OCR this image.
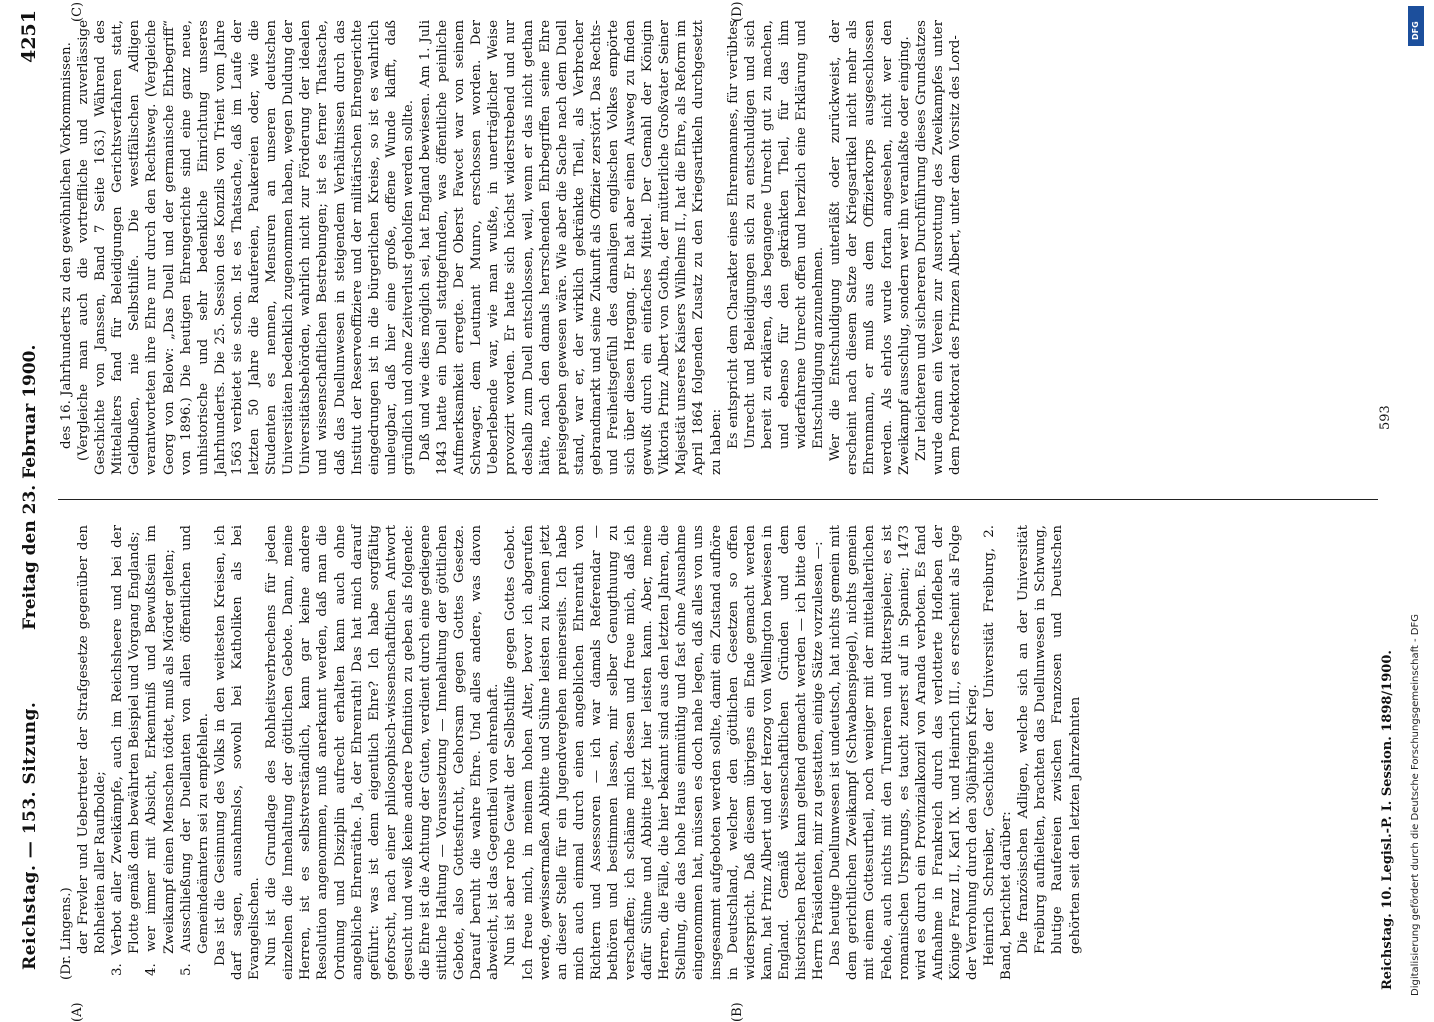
Reichstag. — 153. Sitzung.
Freitag den 23. Februar 1900.
4251

(Dr. Lingens.) der Frevler und Uebertreter der Strafgesetze gegenüber den Rohheiten aller Raufbolde; 3. Verbot aller Zweikämpfe, auch im Reichsheere und bei der Flotte gemäß dem bewährten Beispiel und Vorgang Englands; 4. wer immer mit Absicht, Erkenntniß und Bewußtsein im Zweikampf einen Menschen tödtet, muß als Mörder gelten; 5. Ausschließung der Duellanten von allen öffentlichen und Gemeindeämtern sei zu empfehlen. Das ist die Gesinnung des Volks in den weitesten Kreisen, ich darf sagen, ausnahmslos, sowohl bei Katholiken als bei Evangelischen. Nun ist die Grundlage des Rohheitsverbrechens für jeden einzelnen die Innehaltung der göttlichen Gebote. Dann, meine Herren, ist es selbstverständlich, kann gar keine andere Resolution angenommen, muß anerkannt werden, daß man die Ordnung und Disziplin aufrecht erhalten kann auch ohne angebliche Ehrenräthe. Ja, der Ehrenrath! Das hat mich darauf geführt: was ist denn eigentlich Ehre? Ich habe sorgfältig geforscht, nach einer philosophisch-wissenschaftlichen Antwort gesucht und weiß keine andere Definition zu geben als folgende: die Ehre ist die Achtung der Guten, verdient durch eine gediegene sittliche Haltung — Voraussetzung — Innehaltung der göttlichen Gebote, also Gottesfurcht, Gehorsam gegen Gottes Gesetze. Darauf beruht die wahre Ehre. Und alles andere, was davon abweicht, ist das Gegentheil von ehrenhaft. Nun ist aber rohe Gewalt der Selbsthilfe gegen Gottes Gebot. Ich freue mich, in meinem hohen Alter, bevor ich abgerufen werde, gewissermaßen Abbitte und Sühne leisten zu können jetzt an dieser Stelle für ein Jugendvergehen meinerseits. Ich habe mich auch einmal durch einen angeblichen Ehrenrath von Richtern und Assessoren — ich war damals Referendar — bethören und bestimmen lassen, mir selber Genugthuung zu verschaffen; ich schäme mich dessen und freue mich, daß ich dafür Sühne und Abbitte jetzt hier leisten kann. Aber, meine Herren, die Fälle, die hier bekannt sind aus den letzten Jahren, die Stellung, die das hohe Haus einmüthig und fast ohne Ausnahme eingenommen hat, müssen es doch nahe legen, daß alles von uns insgesammt aufgeboten werden sollte, damit ein Zustand aufhöre in Deutschland, welcher den göttlichen Gesetzen so offen widerspricht. Daß diesem übrigens ein Ende gemacht werden kann, hat Prinz Albert und der Herzog von Wellington bewiesen in England. Gemäß wissenschaftlichen Gründen und dem historischen Recht kann geltend gemacht werden — ich bitte den Herrn Präsidenten, mir zu gestatten, einige Sätze vorzulesen —: Das heutige Duellunwesen ist undeutsch, hat nichts gemein mit dem gerichtlichen Zweikampf (Schwabenspiegel), nichts gemein mit einem Gottesurtheil, noch weniger mit der mittelalterlichen Fehde, auch nichts mit den Turnieren und Ritterspielen; es ist romanischen Ursprungs, es taucht zuerst auf in Spanien; 1473 wird es durch ein Provinzialkonzil von Aranda verboten. Es fand Aufnahme in Frankreich durch das verlotterte Hofleben der Könige Franz II., Karl IX. und Heinrich III., es erscheint als Folge der Verrohung durch den 30jährigen Krieg. Heinrich Schreiber, Geschichte der Universität Freiburg, 2. Band, berichtet darüber: Die französischen Adligen, welche sich an der Universität Freiburg aufhielten, brachten das Duellunwesen in Schwung, blutige Raufereien zwischen Franzosen und Deutschen gehörten seit den letzten Jahrzehnten

des 16. Jahrhunderts zu den gewöhnlichen Vorkommnissen. (Vergleiche man auch die vortreffliche und zuverlässige Geschichte von Janssen, Band 7 Seite 163.) Während des Mittelalters fand für Beleidigungen Gerichtsverfahren statt, Geldbußen, nie Selbsthilfe. Die westfälischen Adligen verantworteten ihre Ehre nur durch den Rechtsweg. (Vergleiche Georg von Below: „Das Duell und der germanische Ehrbegriff“ von 1896.) Die heutigen Ehrengerichte sind eine ganz neue, unhistorische und sehr bedenkliche Einrichtung unseres Jahrhunderts. Die 25. Session des Konzils von Trient vom Jahre 1563 verbietet sie schon. Ist es Thatsache, daß im Laufe der letzten 50 Jahre die Raufereien, Paukereien oder, wie die Studenten es nennen, Mensuren an unseren deutschen Universitäten bedenklich zugenommen haben, wegen Duldung der Universitätsbehörden, wahrlich nicht zur Förderung der idealen und wissenschaftlichen Bestrebungen; ist es ferner Thatsache, daß das Duellunwesen in steigendem Verhältnissen durch das Institut der Reserveoffiziere und der militärischen Ehrengerichte eingedrungen ist in die bürgerlichen Kreise, so ist es wahrlich unleugbar, daß hier eine große, offene Wunde klafft, daß gründlich und ohne Zeitverlust geholfen werden sollte. Daß und wie dies möglich sei, hat England bewiesen. Am 1. Juli 1843 hatte ein Duell stattgefunden, was öffentliche peinliche Aufmerksamkeit erregte. Der Oberst Fawcet war von seinem Schwager, dem Leutnant Munro, erschossen worden. Der Ueberlebende war, wie man wußte, in unerträglicher Weise provozirt worden. Er hatte sich höchst widerstrebend und nur deshalb zum Duell entschlossen, weil, wenn er das nicht gethan hätte, nach den damals herrschenden Ehrbegriffen seine Ehre preisgegeben gewesen wäre. Wie aber die Sache nach dem Duell stand, war er, der wirklich gekränkte Theil, als Verbrecher gebrandmarkt und seine Zukunft als Offizier zerstört. Das Rechts- und Freiheitsgefühl des damaligen englischen Volkes empörte sich über diesen Hergang. Er hat aber einen Ausweg zu finden gewußt durch ein einfaches Mittel. Der Gemahl der Königin Viktoria Prinz Albert von Gotha, der mütterliche Großvater Seiner Majestät unseres Kaisers Wilhelms II., hat die Ehre, als Reform im April 1864 folgenden Zusatz zu den Kriegsartikeln durchgesetzt zu haben: Es entspricht dem Charakter eines Ehrenmannes, für verübtes Unrecht und Beleidigungen sich zu entschuldigen und sich bereit zu erklären, das begangene Unrecht gut zu machen, und ebenso für den gekränkten Theil, für das ihm widerfahrene Unrecht offen und herzlich eine Erklärung und Entschuldigung anzunehmen. Wer die Entschuldigung unterläßt oder zurückweist, der erscheint nach diesem Satze der Kriegsartikel nicht mehr als Ehrenmann, er muß aus dem Offizierkorps ausgeschlossen werden. Als ehrlos wurde fortan angesehen, nicht wer den Zweikampf ausschlug, sondern wer ihn veranlaßte oder einging. Zur leichteren und sichereren Durchführung dieses Grundsatzes wurde dann ein Verein zur Ausrottung des Zweikampfes unter dem Protektorat des Prinzen Albert, unter dem Vorsitz des Lord-

(A)	(B)
(C)	(D)
Reichstag. 10. Legisl.-P. I. Session. 1898/1900.
593
Digitalisierung gefördert durch die Deutsche Forschungsgemeinschaft - DFG
DFG
